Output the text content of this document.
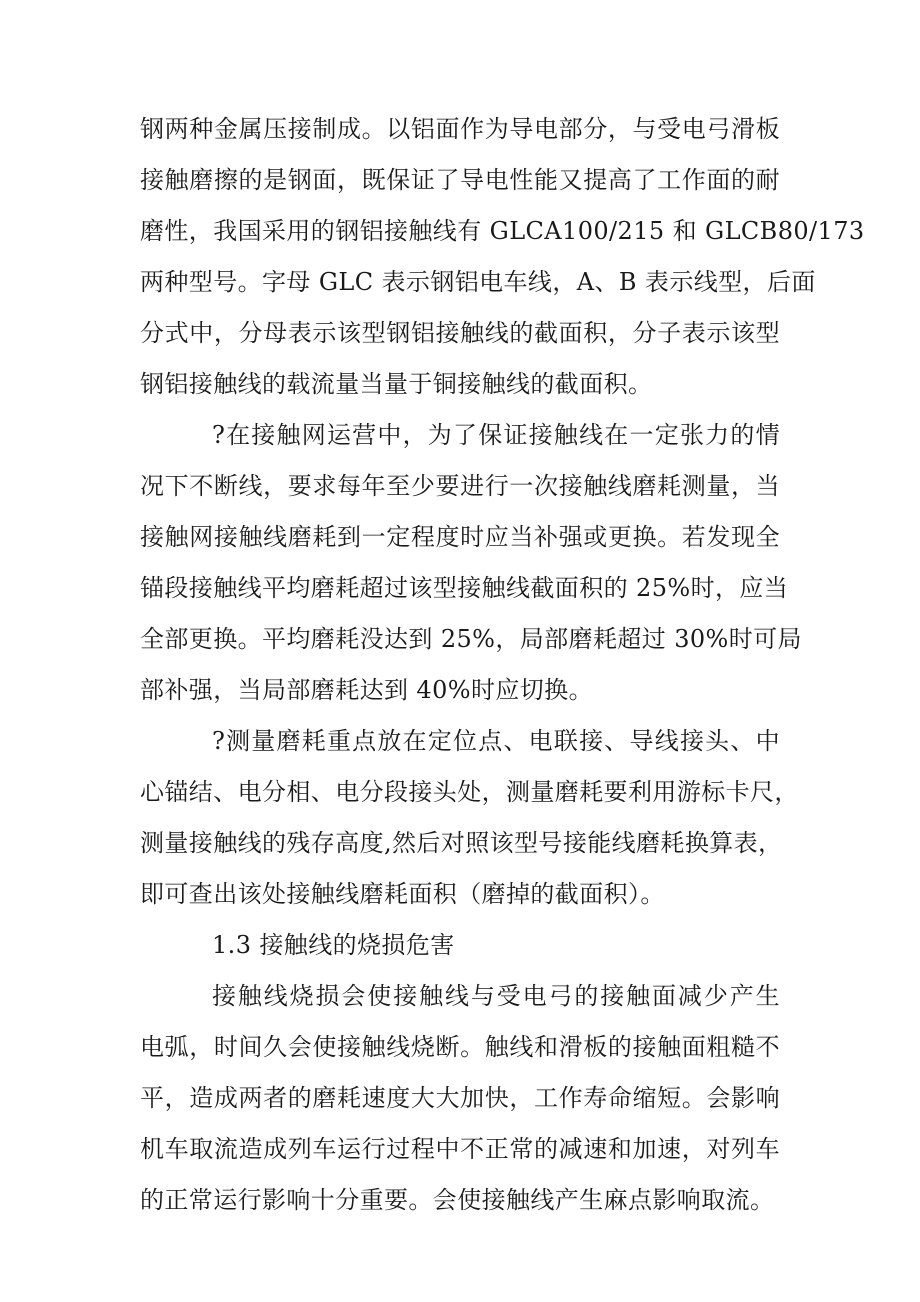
钢两种金属压接制成。以铝面作为导电部分，与受电弓滑板
接触磨擦的是钢面，既保证了导电性能又提高了工作面的耐
磨性，我国采用的钢铝接触线有 GLCA100/215 和 GLCB80/173
两种型号。字母 GLC 表示钢铝电车线，A、B 表示线型，后面
分式中，分母表示该型钢铝接触线的截面积，分子表示该型
钢铝接触线的载流量当量于铜接触线的截面积。
?在接触网运营中，为了保证接触线在一定张力的情
况下不断线，要求每年至少要进行一次接触线磨耗测量，当
接触网接触线磨耗到一定程度时应当补强或更换。若发现全
锚段接触线平均磨耗超过该型接触线截面积的 25%时，应当
全部更换。平均磨耗没达到 25%，局部磨耗超过 30%时可局
部补强，当局部磨耗达到 40%时应切换。
?测量磨耗重点放在定位点、电联接、导线接头、中
心锚结、电分相、电分段接头处，测量磨耗要利用游标卡尺，
测量接触线的残存高度,然后对照该型号接能线磨耗换算表，
即可查出该处接触线磨耗面积（磨掉的截面积）。
1.3 接触线的烧损危害
接触线烧损会使接触线与受电弓的接触面减少产生
电弧，时间久会使接触线烧断。触线和滑板的接触面粗糙不
平，造成两者的磨耗速度大大加快，工作寿命缩短。会影响
机车取流造成列车运行过程中不正常的减速和加速，对列车
的正常运行影响十分重要。会使接触线产生麻点影响取流。
